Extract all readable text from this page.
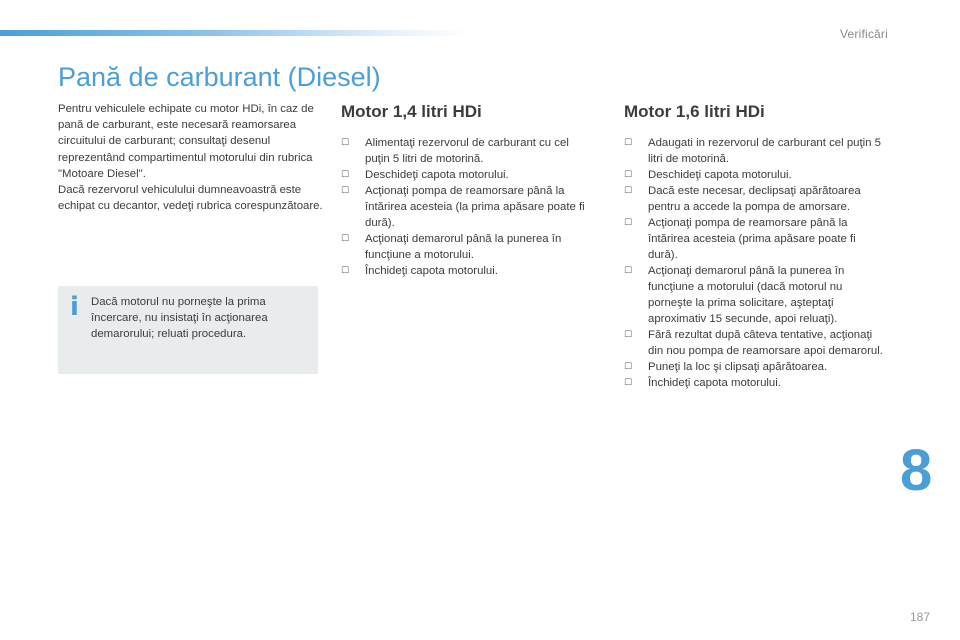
Verificări
Pană de carburant (Diesel)

Pentru vehiculele echipate cu motor HDi, în caz de pană de carburant, este necesară reamorsarea circuitului de carburant; consultaţi desenul reprezentând compartimentul motorului din rubrica "Motoare Diesel".

Dacă rezervorul vehiculului dumneavoastră este echipat cu decantor, vedeţi rubrica corespunzătoare.

i Dacă motorul nu porneşte la prima încercare, nu insistaţi în acţionarea demarorului; reluati procedura.
Motor 1,4 litri HDi
☐ Alimentaţi rezervorul de carburant cu cel puţin 5 litri de motorină.
☐ Deschideţi capota motorului.
☐ Acţionaţi pompa de reamorsare până la întărirea acesteia (la prima apăsare poate fi dură).
☐ Acţionaţi demarorul până la punerea în funcţiune a motorului.
☐ Închideţi capota motorului.
Motor 1,6 litri HDi
☐ Adaugati in rezervorul de carburant cel puţin 5 litri de motorină.
☐ Deschideţi capota motorului.
☐ Dacă este necesar, declipsaţi apărătoarea pentru a accede la pompa de amorsare.
☐ Acţionaţi pompa de reamorsare până la întărirea acesteia (prima apăsare poate fi dură).
☐ Acţionaţi demarorul până la punerea în funcţiune a motorului (dacă motorul nu porneşte la prima solicitare, aşteptaţi aproximativ 15 secunde, apoi reluaţi).
☐ Fără rezultat după câteva tentative, acţionaţi din nou pompa de reamorsare apoi demarorul.
☐ Puneţi la loc şi clipsaţi apărătoarea.
☐ Închideţi capota motorului.
8
187
